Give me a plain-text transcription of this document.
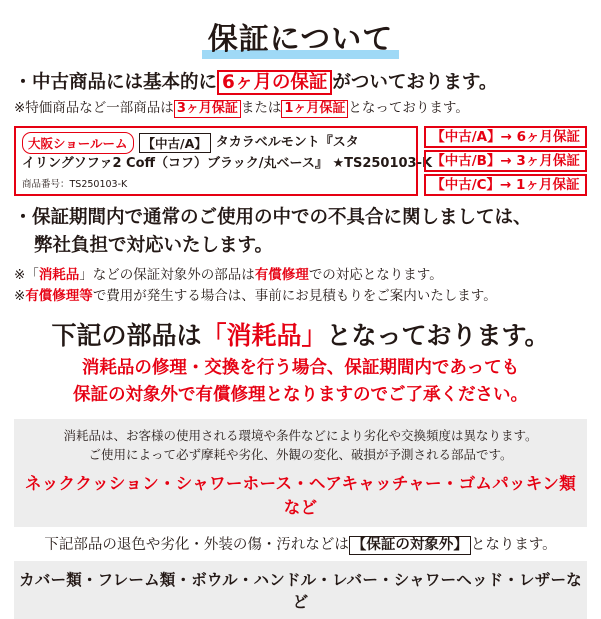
保証について
・中古商品には基本的に 6ヶ月の保証 がついております。
※特価商品など一部商品は 3ヶ月保証 または 1ヶ月保証 となっております。
大阪ショールーム	【中古/A】 タカラベルモント『スタ
イリングソファ2 Coff（コフ）ブラック/丸ベース』 ★TS250103-K
商品番号：TS250103-K
【中古/A】→ 6ヶ月保証
【中古/B】→ 3ヶ月保証
【中古/C】→ 1ヶ月保証
・保証期間内で通常のご使用の中での不具合に関しましては、
弊社負担で対応いたします。
※「消耗品」などの保証対象外の部品は有償修理での対応となります。
※有償修理等で費用が発生する場合は、事前にお見積もりをご案内いたします。
下記の部品は「消耗品」となっております。
消耗品の修理・交換を行う場合、保証期間内であっても
保証の対象外で有償修理となりますのでご了承ください。
消耗品は、お客様の使用される環境や条件などにより劣化や交換頻度は異なります。
ご使用によって必ず摩耗や劣化、外観の変化、破損が予測される部品です。
ネッククッション・シャワーホース・ヘアキャッチャー・ゴムパッキン類など
下記部品の退色や劣化・外装の傷・汚れなどは 【保証の対象外】 となります。
カバー類・フレーム類・ボウル・ハンドル・レバー・シャワーヘッド・レザーなど
